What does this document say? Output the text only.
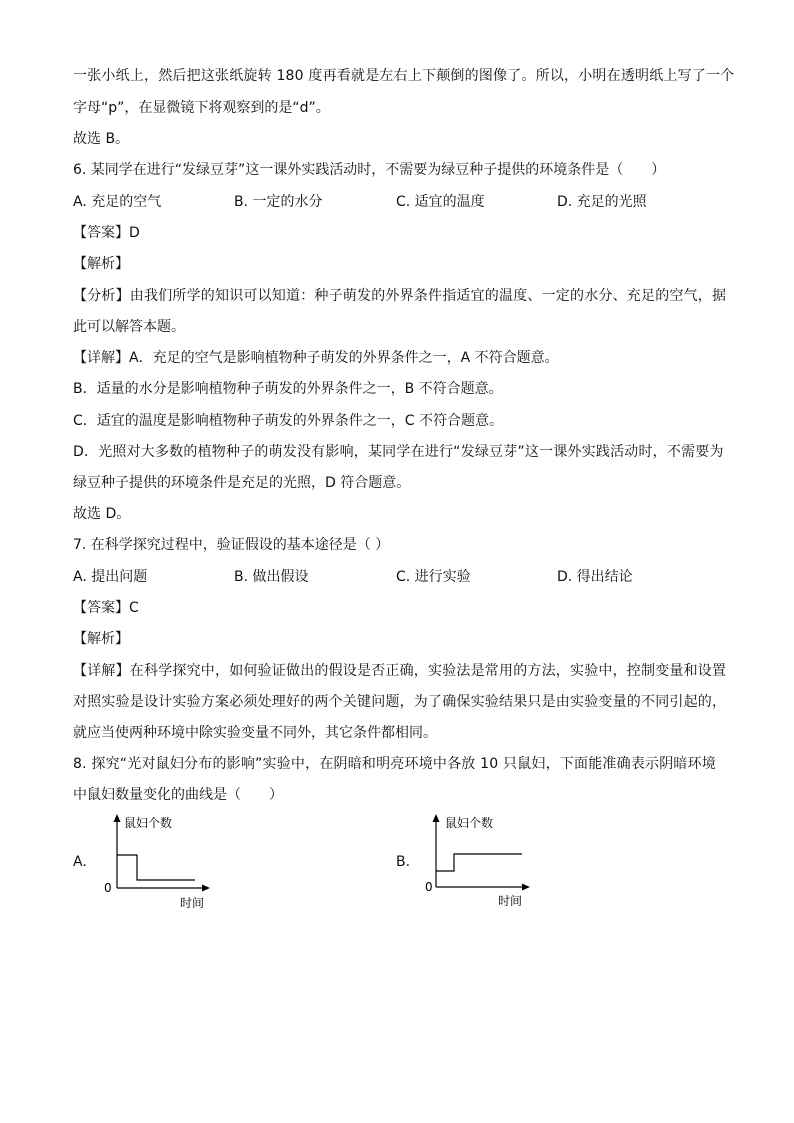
一张小纸上，然后把这张纸旋转 180 度再看就是左右上下颠倒的图像了。所以，小明在透明纸上写了一个
字母“p”，在显微镜下将观察到的是“d”。
故选 B。
6. 某同学在进行“发绿豆芽”这一课外实践活动时，不需要为绿豆种子提供的环境条件是（　　）
A. 充足的空气	B. 一定的水分	C. 适宜的温度	D. 充足的光照
【答案】D
【解析】
【分析】由我们所学的知识可以知道：种子萌发的外界条件指适宜的温度、一定的水分、充足的空气，据
此可以解答本题。
【详解】A．充足的空气是影响植物种子萌发的外界条件之一，A 不符合题意。
B．适量的水分是影响植物种子萌发的外界条件之一，B 不符合题意。
C．适宜的温度是影响植物种子萌发的外界条件之一，C 不符合题意。
D．光照对大多数的植物种子的萌发没有影响，某同学在进行“发绿豆芽”这一课外实践活动时，不需要为
绿豆种子提供的环境条件是充足的光照，D 符合题意。
故选 D。
7. 在科学探究过程中，验证假设的基本途径是（ ）
A. 提出问题	B. 做出假设	C. 进行实验	D. 得出结论
【答案】C
【解析】
【详解】在科学探究中，如何验证做出的假设是否正确，实验法是常用的方法，实验中，控制变量和设置
对照实验是设计实验方案必须处理好的两个关键问题，为了确保实验结果只是由实验变量的不同引起的，
就应当使两种环境中除实验变量不同外，其它条件都相同。
8. 探究“光对鼠妇分布的影响”实验中，在阴暗和明亮环境中各放 10 只鼠妇，下面能准确表示阴暗环境
中鼠妇数量变化的曲线是（　　）
A.
鼠妇个数
0
时间
B.
鼠妇个数
0
时间
